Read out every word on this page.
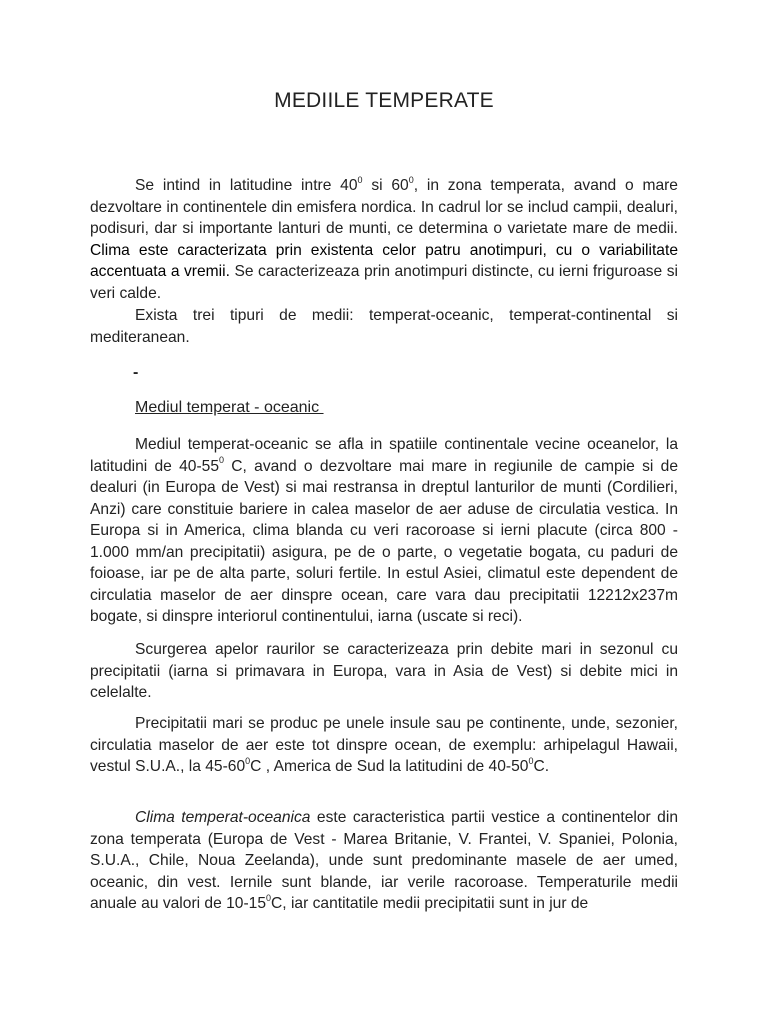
MEDIILE TEMPERATE

Se intind in latitudine intre $40^0$ si $60^0$, in zona temperata, avand o mare dezvoltare in continentele din emisfera nordica. In cadrul lor se includ campii, dealuri, podisuri, dar si importante lanturi de munti, ce determina o varietate mare de medii. Clima este caracterizata prin existenta celor patru anotimpuri, cu o variabilitate accentuata a vremii. Se caracterizeaza prin anotimpuri distincte, cu ierni friguroase si veri calde.

Exista trei tipuri de medii: temperat-oceanic, temperat-continental si mediteranean.

-
Mediul temperat - oceanic

Mediul temperat-oceanic se afla in spatiile continentale vecine oceanelor, la latitudini de $40-55^0$ C, avand o dezvoltare mai mare in regiunile de campie si de dealuri (in Europa de Vest) si mai restransa in dreptul lanturilor de munti (Cordilieri, Anzi) care constituie bariere in calea maselor de aer aduse de circulatia vestica. In Europa si in America, clima blanda cu veri racoroase si ierni placute (circa 800 - 1.000 mm/an precipitatii) asigura, pe de o parte, o vegetatie bogata, cu paduri de foioase, iar pe de alta parte, soluri fertile. In estul Asiei, climatul este dependent de circulatia maselor de aer dinspre ocean, care vara dau precipitatii 12212x237m bogate, si dinspre interiorul continentului, iarna (uscate si reci).

Scurgerea apelor raurilor se caracterizeaza prin debite mari in sezonul cu precipitatii (iarna si primavara in Europa, vara in Asia de Vest) si debite mici in celelalte.

Precipitatii mari se produc pe unele insule sau pe continente, unde, sezonier, circulatia maselor de aer este tot dinspre ocean, de exemplu: arhipelagul Hawaii, vestul S.U.A., la $45-60^0C$ , America de Sud la latitudini de $40-50^0C$.

Clima temperat-oceanica este caracteristica partii vestice a continentelor din zona temperata (Europa de Vest - Marea Britanie, V. Frantei, V. Spaniei, Polonia, S.U.A., Chile, Noua Zeelanda), unde sunt predominante masele de aer umed, oceanic, din vest. Iernile sunt blande, iar verile racoroase. Temperaturile medii anuale au valori de $10-15^0C$, iar cantitatile medii precipitatii sunt in jur de
